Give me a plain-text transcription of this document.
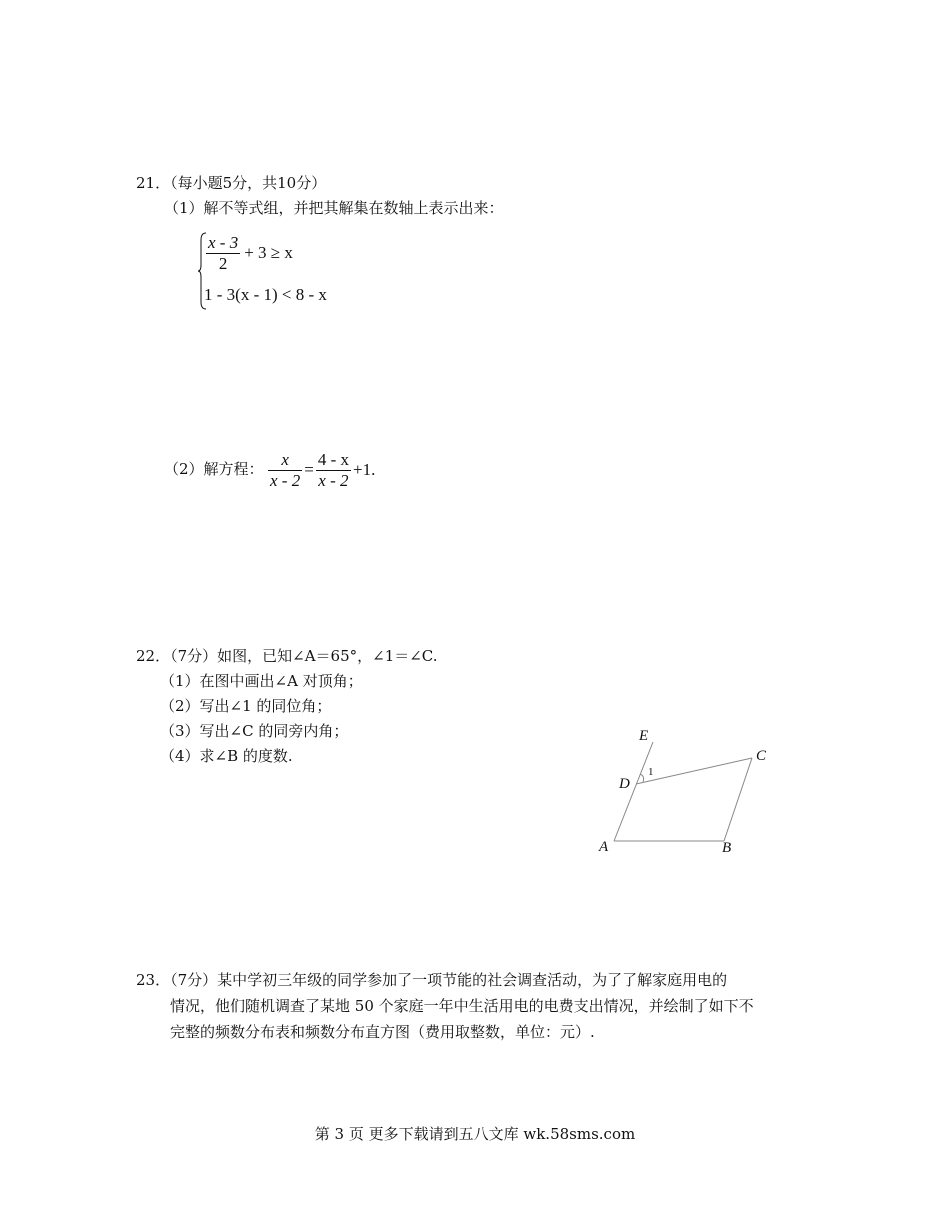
21．（每小题5分，共10分）
（1）解不等式组，并把其解集在数轴上表示出来：
$\frac{x - 3}{2} + 3 \ge x$
1 - 3(x - 1) < 8 - x
（2）解方程： $\frac{x}{x - 2} = \frac{4 - x}{x - 2} +1$.
22．（7分）如图，已知∠A＝65°，∠1＝∠C.
（1）在图中画出∠A 对顶角；
（2）写出∠1 的同位角；
（3）写出∠C 的同旁内角；
（4）求∠B 的度数.
E
C
D
1
A	B
23．（7分）某中学初三年级的同学参加了一项节能的社会调查活动，为了了解家庭用电的
情况，他们随机调查了某地 50 个家庭一年中生活用电的电费支出情况，并绘制了如下不
完整的频数分布表和频数分布直方图（费用取整数，单位：元）.
第 3 页 更多下载请到五八文库 wk.58sms.com
